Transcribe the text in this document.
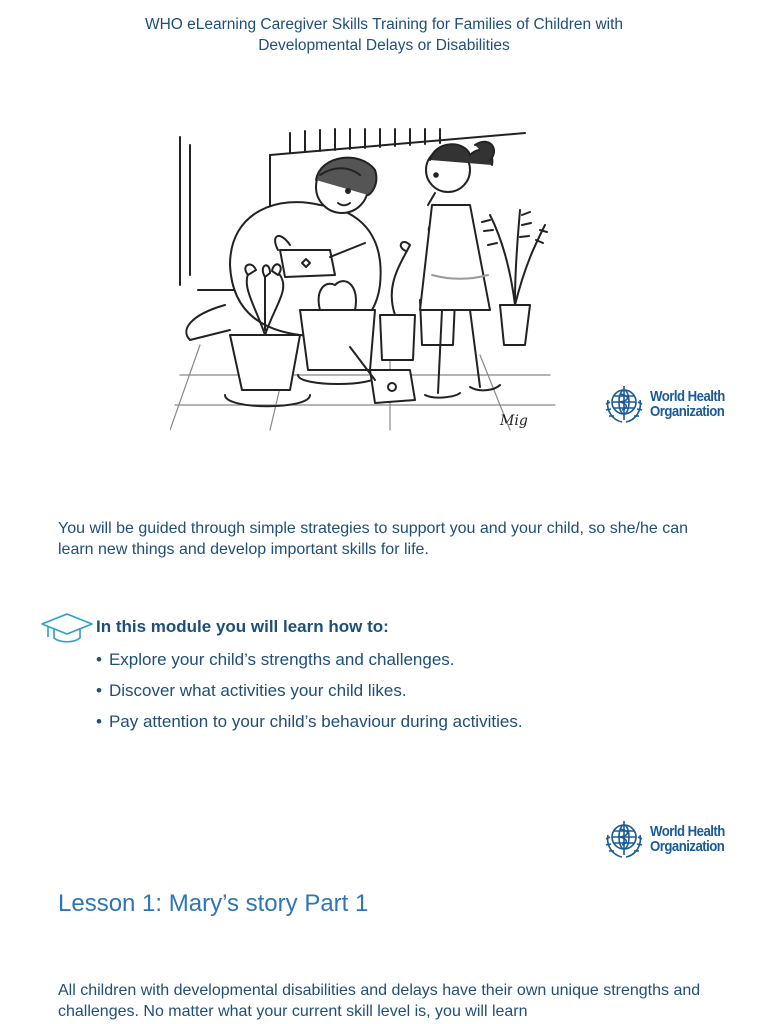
WHO eLearning Caregiver Skills Training for Families of Children with
Developmental Delays or Disabilities
Mig
World Health
Organization
You will be guided through simple strategies to support you and your child, so she/he can learn new things and develop important skills for life.
In this module you will learn how to:
• Explore your child’s strengths and challenges.
• Discover what activities your child likes.
• Pay attention to your child’s behaviour during activities.
World Health
Organization
Lesson 1: Mary’s story Part 1
All children with developmental disabilities and delays have their own unique strengths and challenges. No matter what your current skill level is, you will learn
